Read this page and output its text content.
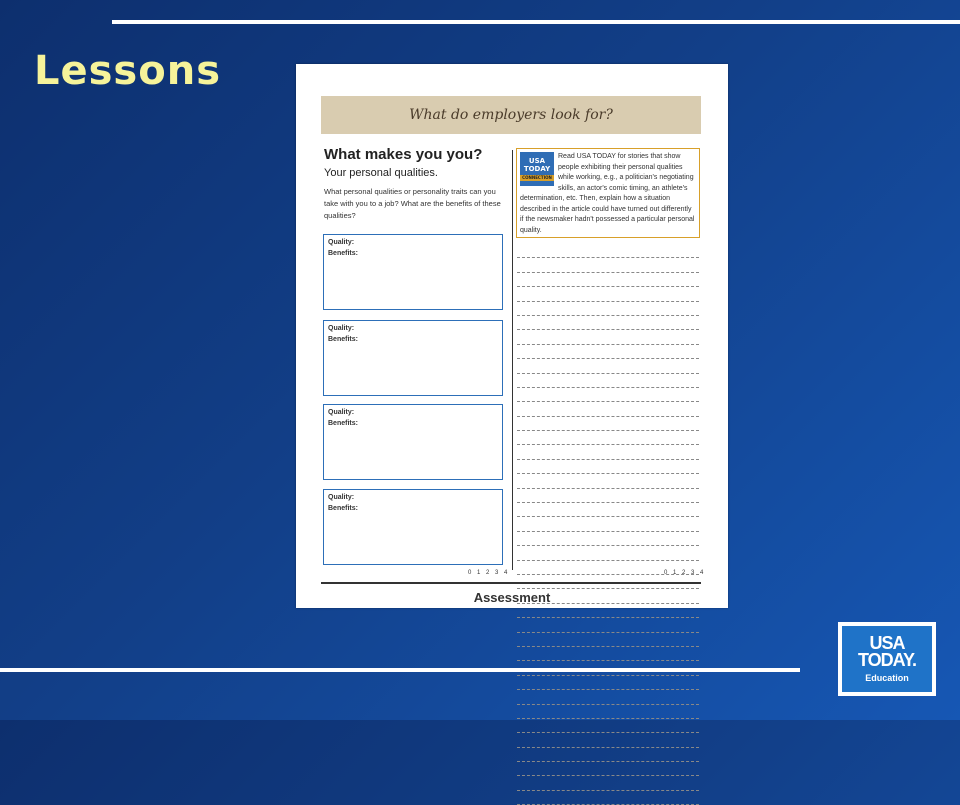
Lessons
What do employers look for?
What makes you you?
Your personal qualities.
What personal qualities or personality traits can you take with you to a job? What are the benefits of these qualities?
Quality:
Benefits:
Quality:
Benefits:
Quality:
Benefits:
Quality:
Benefits:
USA
TODAY
CONNECTION
Read USA TODAY for stories that show people exhibiting their personal qualities while working, e.g., a politician's negotiating skills, an actor's comic timing, an athlete's determination, etc. Then, explain how a situation described in the article could have turned out differently if the newsmaker hadn't possessed a particular personal quality.
0 1 2 3 4	0 1 2 3 4
Assessment
USA
TODAY.
Education
